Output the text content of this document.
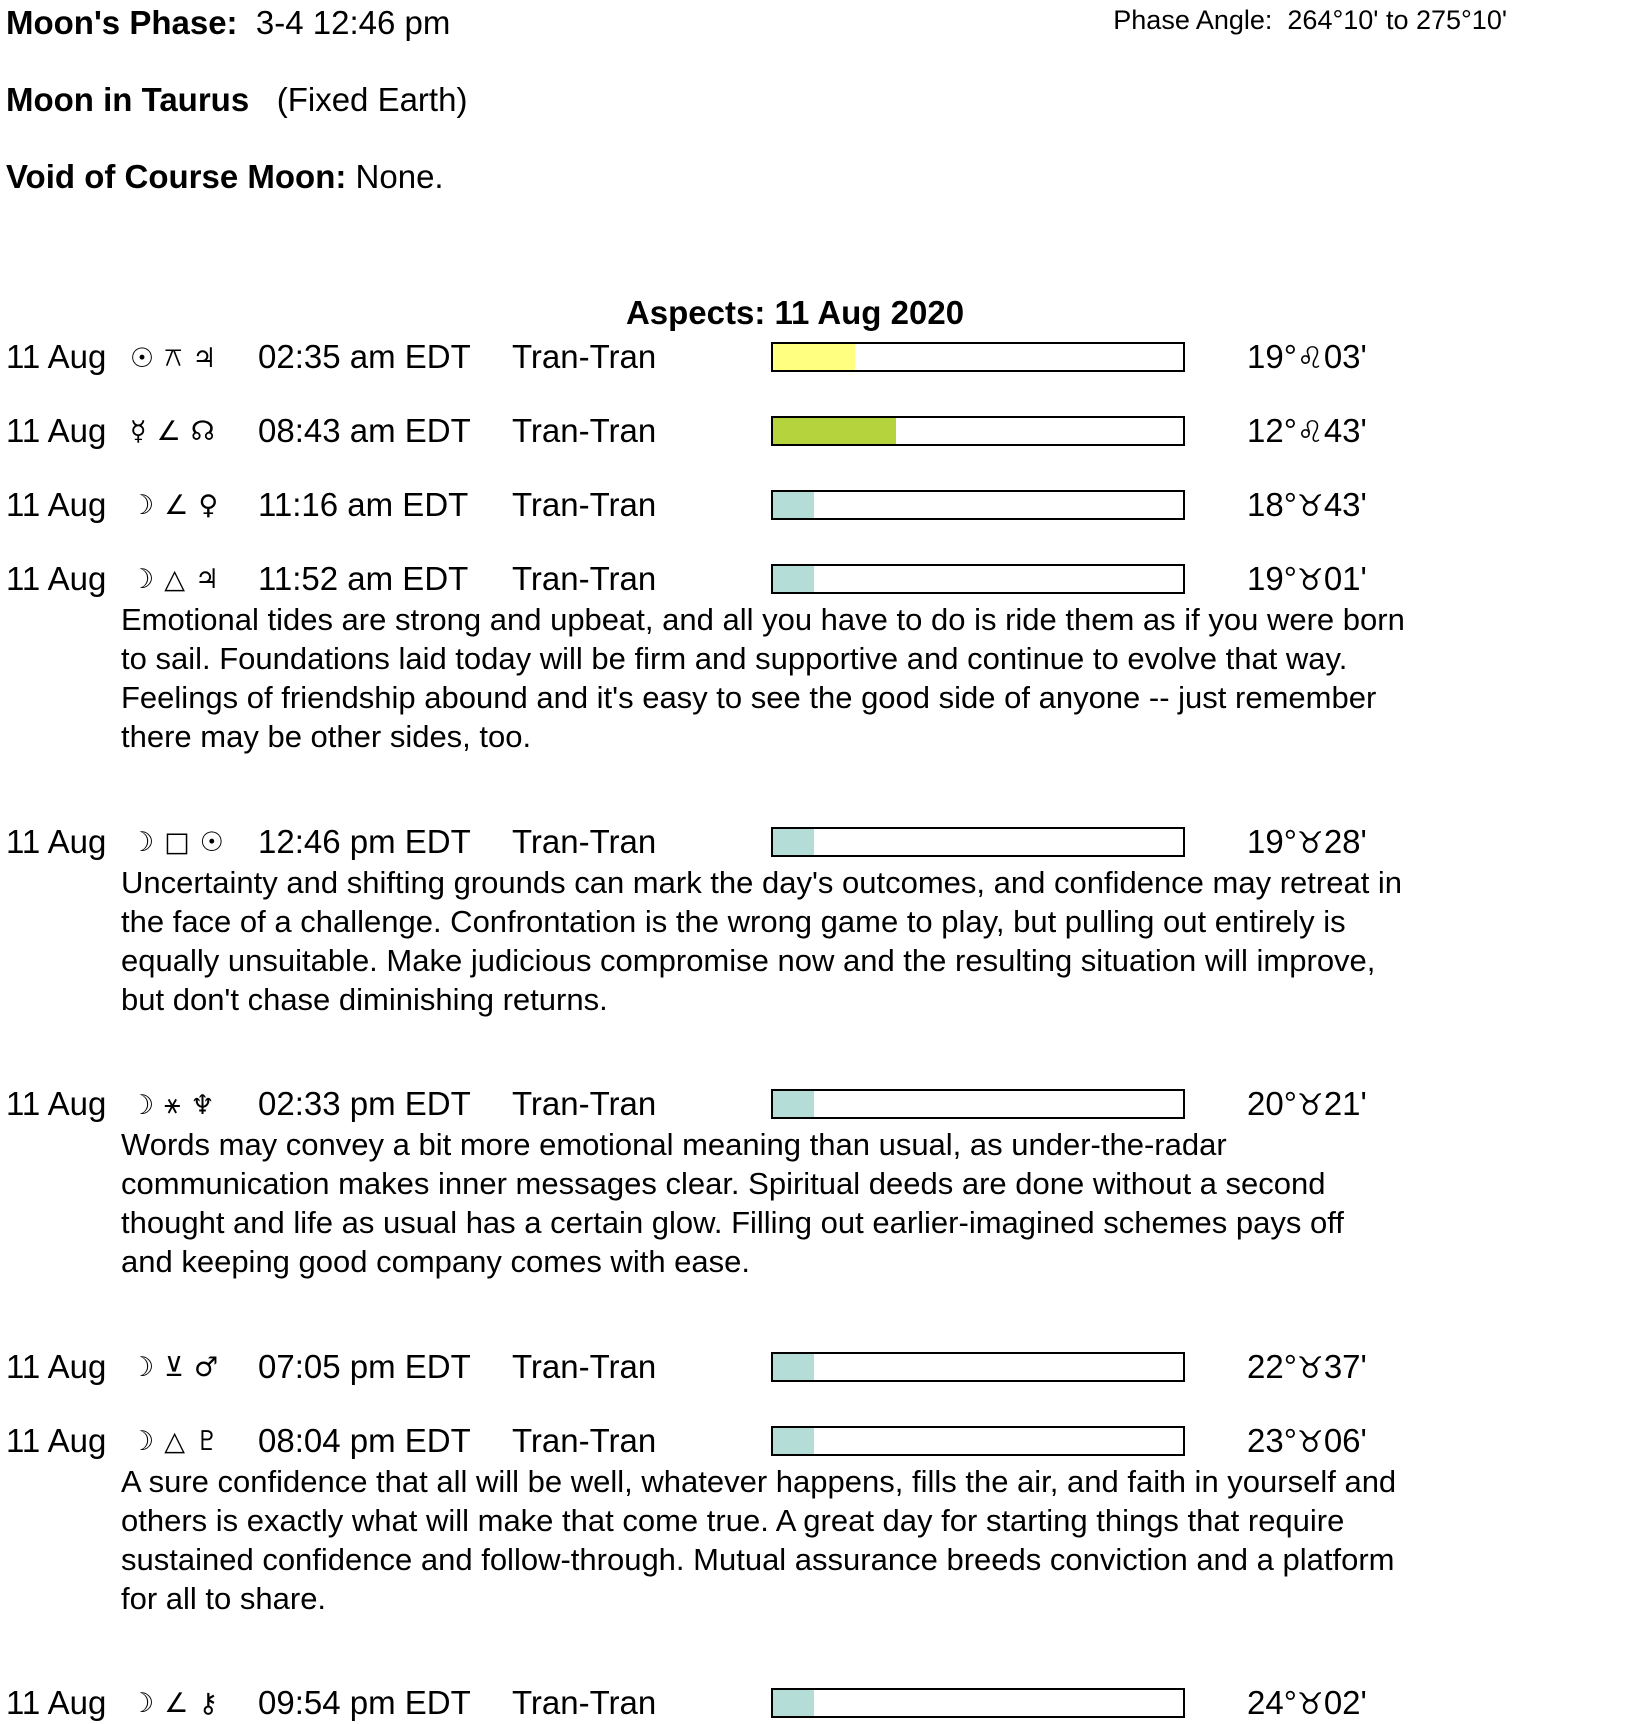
Moon's Phase: 3-4 12:46 pm	Phase Angle:  264°10' to 275°10'
Moon in Taurus (Fixed Earth)
Void of Course Moon: None.
Aspects: 11 Aug 2020
11 Aug ☉ ⚻ ♃ 02:35 am EDT Tran-Tran	19°♌03'
11 Aug ☿ ∠ ☊ 08:43 am EDT Tran-Tran	12°♌43'
11 Aug ☽ ∠ ♀ 11:16 am EDT Tran-Tran	18°♉43'
11 Aug ☽ △ ♃ 11:52 am EDT Tran-Tran	19°♉01'
Emotional tides are strong and upbeat, and all you have to do is ride them as if you were born
to sail. Foundations laid today will be firm and supportive and continue to evolve that way.
Feelings of friendship abound and it's easy to see the good side of anyone -- just remember
there may be other sides, too.
11 Aug ☽ □ ☉ 12:46 pm EDT Tran-Tran	19°♉28'
Uncertainty and shifting grounds can mark the day's outcomes, and confidence may retreat in
the face of a challenge. Confrontation is the wrong game to play, but pulling out entirely is
equally unsuitable. Make judicious compromise now and the resulting situation will improve,
but don't chase diminishing returns.
11 Aug ☽ ⚹ ♆ 02:33 pm EDT Tran-Tran	20°♉21'
Words may convey a bit more emotional meaning than usual, as under-the-radar
communication makes inner messages clear. Spiritual deeds are done without a second
thought and life as usual has a certain glow. Filling out earlier-imagined schemes pays off
and keeping good company comes with ease.
11 Aug ☽ ⊻ ♂ 07:05 pm EDT Tran-Tran	22°♉37'
11 Aug ☽ △ ♇ 08:04 pm EDT Tran-Tran	23°♉06'
A sure confidence that all will be well, whatever happens, fills the air, and faith in yourself and
others is exactly what will make that come true. A great day for starting things that require
sustained confidence and follow-through. Mutual assurance breeds conviction and a platform
for all to share.
11 Aug ☽ ∠ ⚷ 09:54 pm EDT Tran-Tran	24°♉02'
